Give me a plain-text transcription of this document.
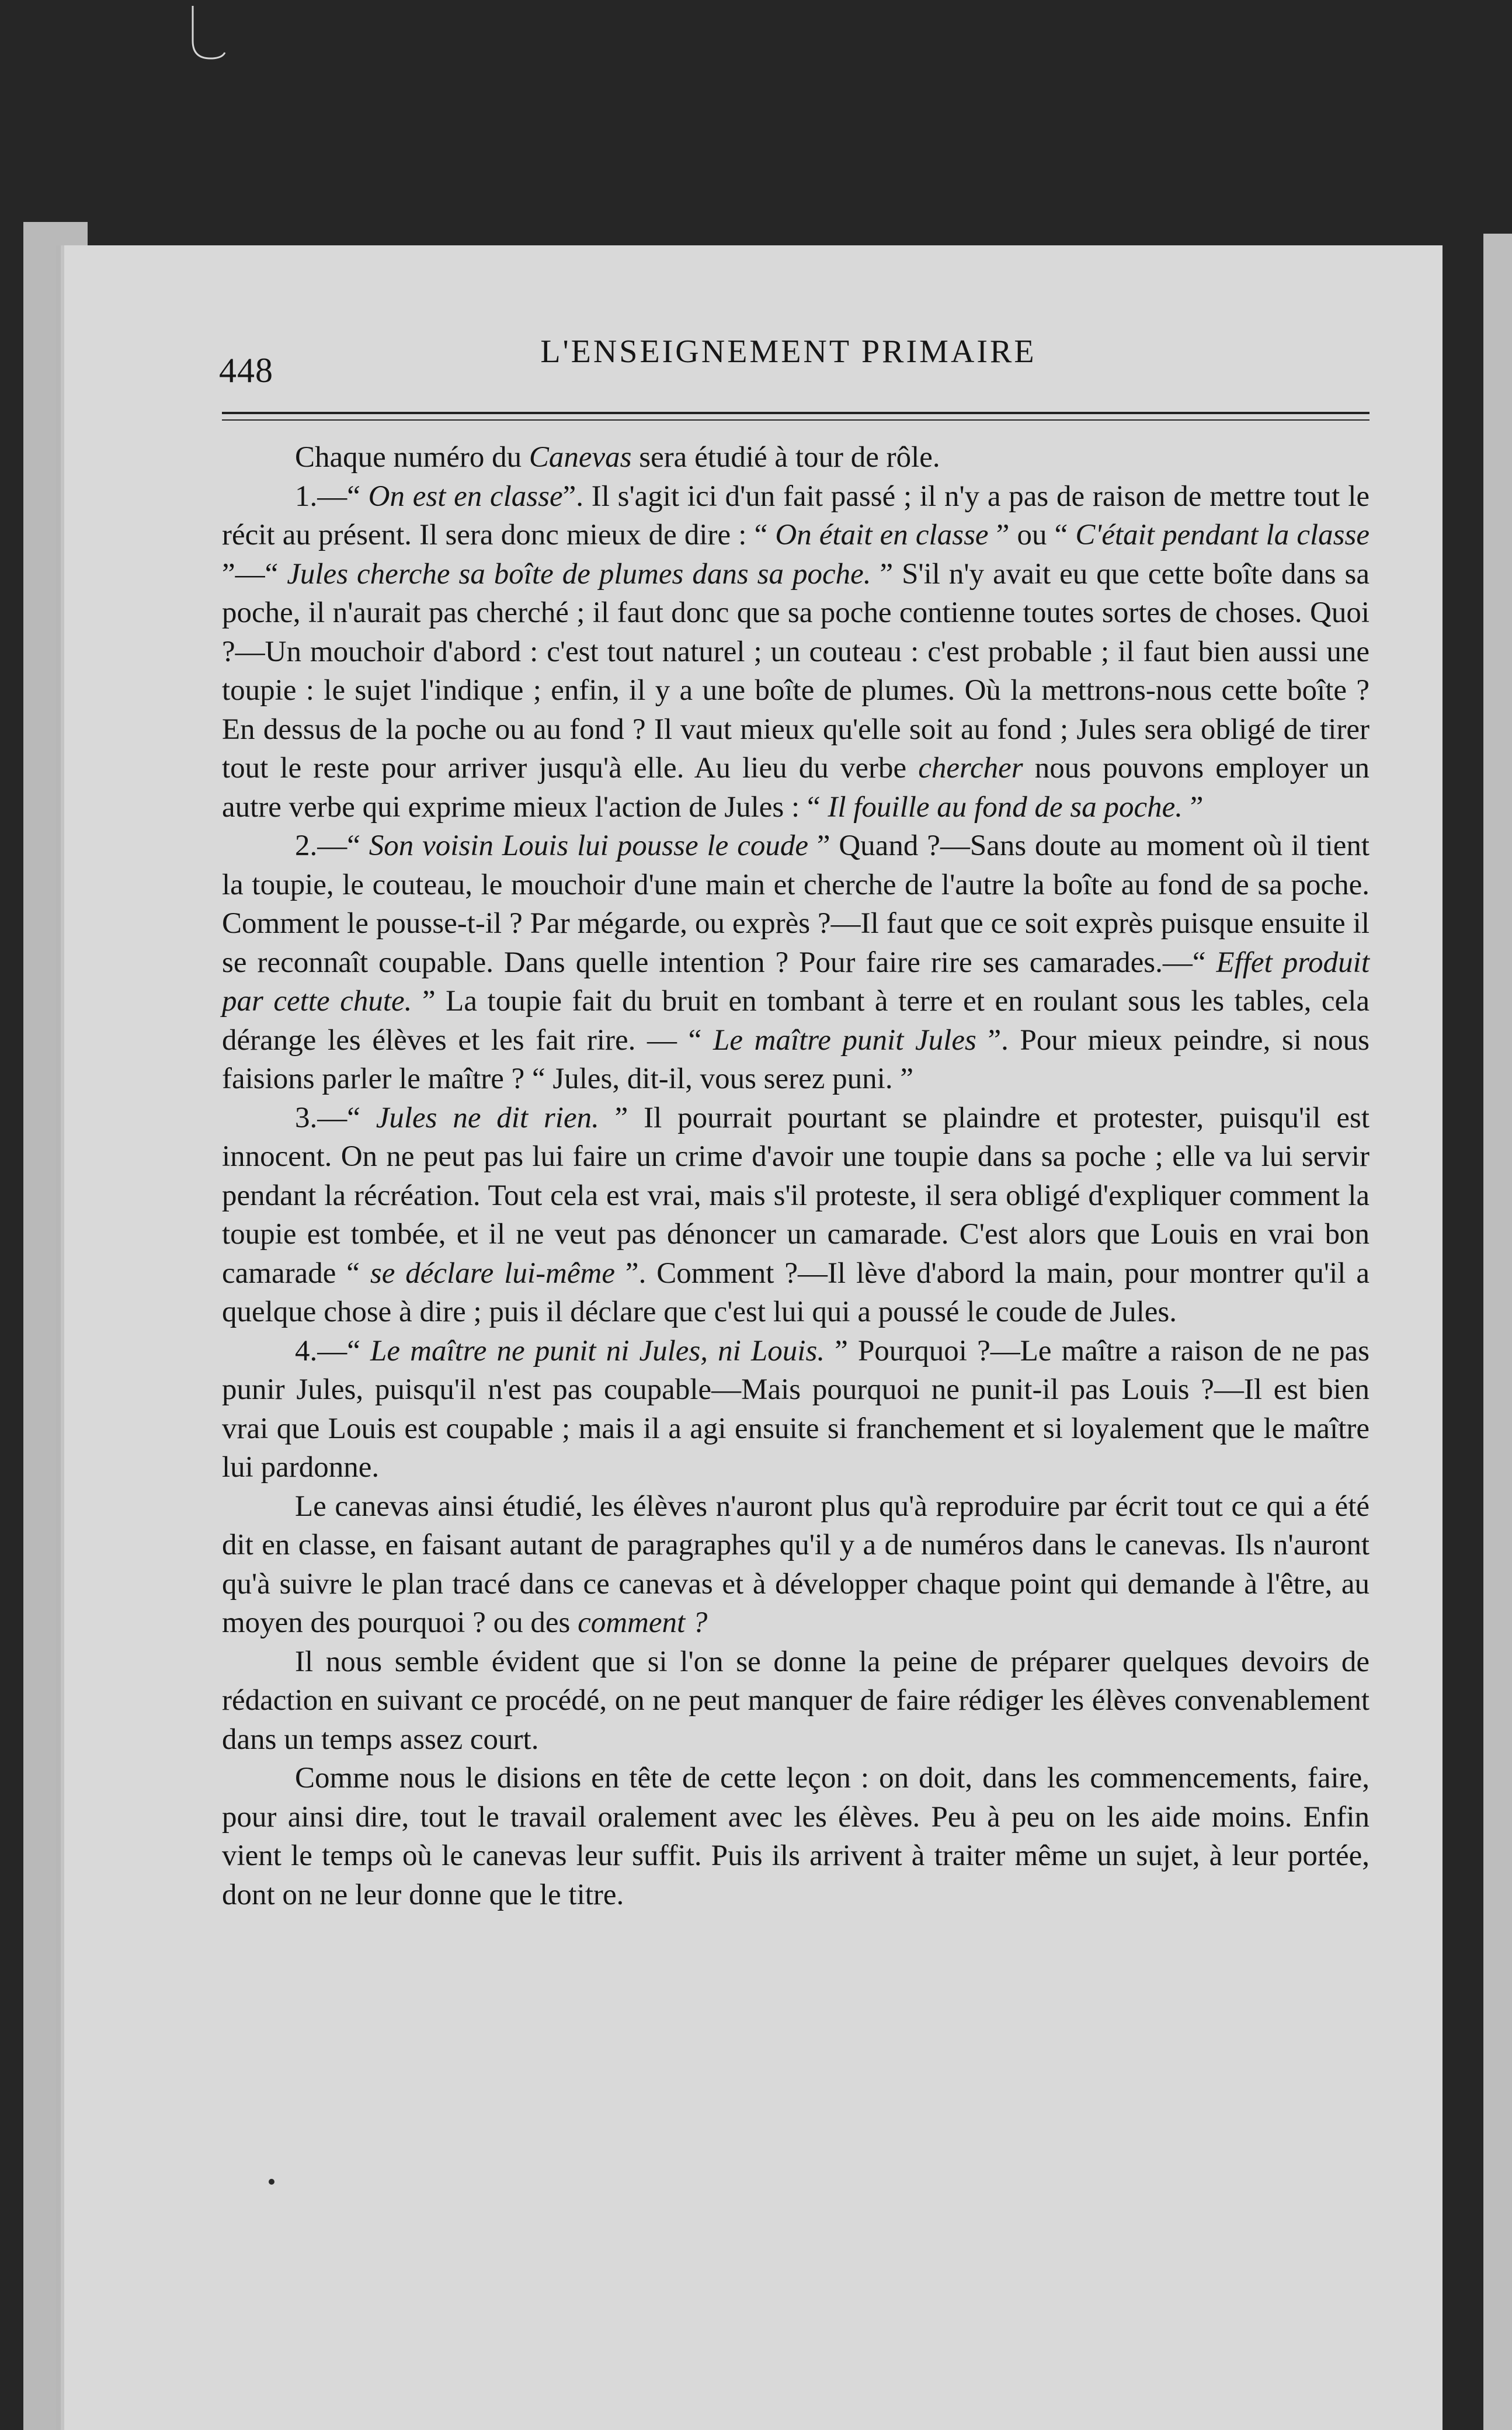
448	L'ENSEIGNEMENT PRIMAIRE

Chaque numéro du Canevas sera étudié à tour de rôle.

1.—“ On est en classe”. Il s'agit ici d'un fait passé ; il n'y a pas de raison de mettre tout le récit au présent. Il sera donc mieux de dire : “ On était en classe ” ou “ C'était pendant la classe ”—“ Jules cherche sa boîte de plumes dans sa poche. ” S'il n'y avait eu que cette boîte dans sa poche, il n'aurait pas cherché ; il faut donc que sa poche contienne toutes sortes de choses. Quoi ?—Un mouchoir d'abord : c'est tout naturel ; un couteau : c'est probable ; il faut bien aussi une toupie : le sujet l'indique ; enfin, il y a une boîte de plumes. Où la mettrons-nous cette boîte ? En dessus de la poche ou au fond ? Il vaut mieux qu'elle soit au fond ; Jules sera obligé de tirer tout le reste pour arriver jusqu'à elle. Au lieu du verbe chercher nous pouvons employer un autre verbe qui exprime mieux l'action de Jules : “ Il fouille au fond de sa poche. ”

2.—“ Son voisin Louis lui pousse le coude ” Quand ?—Sans doute au moment où il tient la toupie, le couteau, le mouchoir d'une main et cherche de l'autre la boîte au fond de sa poche. Comment le pousse-t-il ? Par mégarde, ou exprès ?—Il faut que ce soit exprès puisque ensuite il se reconnaît coupable. Dans quelle intention ? Pour faire rire ses camarades.—“ Effet produit par cette chute. ” La toupie fait du bruit en tombant à terre et en roulant sous les tables, cela dérange les élèves et les fait rire. — “ Le maître punit Jules ”. Pour mieux peindre, si nous faisions parler le maître ? “ Jules, dit-il, vous serez puni. ”

3.—“ Jules ne dit rien. ” Il pourrait pourtant se plaindre et protester, puisqu'il est innocent. On ne peut pas lui faire un crime d'avoir une toupie dans sa poche ; elle va lui servir pendant la récréation. Tout cela est vrai, mais s'il proteste, il sera obligé d'expliquer comment la toupie est tombée, et il ne veut pas dénoncer un camarade. C'est alors que Louis en vrai bon camarade “ se déclare lui-même ”. Comment ?—Il lève d'abord la main, pour montrer qu'il a quelque chose à dire ; puis il déclare que c'est lui qui a poussé le coude de Jules.

4.—“ Le maître ne punit ni Jules, ni Louis. ” Pourquoi ?—Le maître a raison de ne pas punir Jules, puisqu'il n'est pas coupable—Mais pourquoi ne punit-il pas Louis ?—Il est bien vrai que Louis est coupable ; mais il a agi ensuite si franchement et si loyalement que le maître lui pardonne.

Le canevas ainsi étudié, les élèves n'auront plus qu'à reproduire par écrit tout ce qui a été dit en classe, en faisant autant de paragraphes qu'il y a de numéros dans le canevas. Ils n'auront qu'à suivre le plan tracé dans ce canevas et à développer chaque point qui demande à l'être, au moyen des pourquoi ? ou des comment ?

Il nous semble évident que si l'on se donne la peine de préparer quelques devoirs de rédaction en suivant ce procédé, on ne peut manquer de faire rédiger les élèves convenablement dans un temps assez court.

Comme nous le disions en tête de cette leçon : on doit, dans les commencements, faire, pour ainsi dire, tout le travail oralement avec les élèves. Peu à peu on les aide moins. Enfin vient le temps où le canevas leur suffit. Puis ils arrivent à traiter même un sujet, à leur portée, dont on ne leur donne que le titre.
